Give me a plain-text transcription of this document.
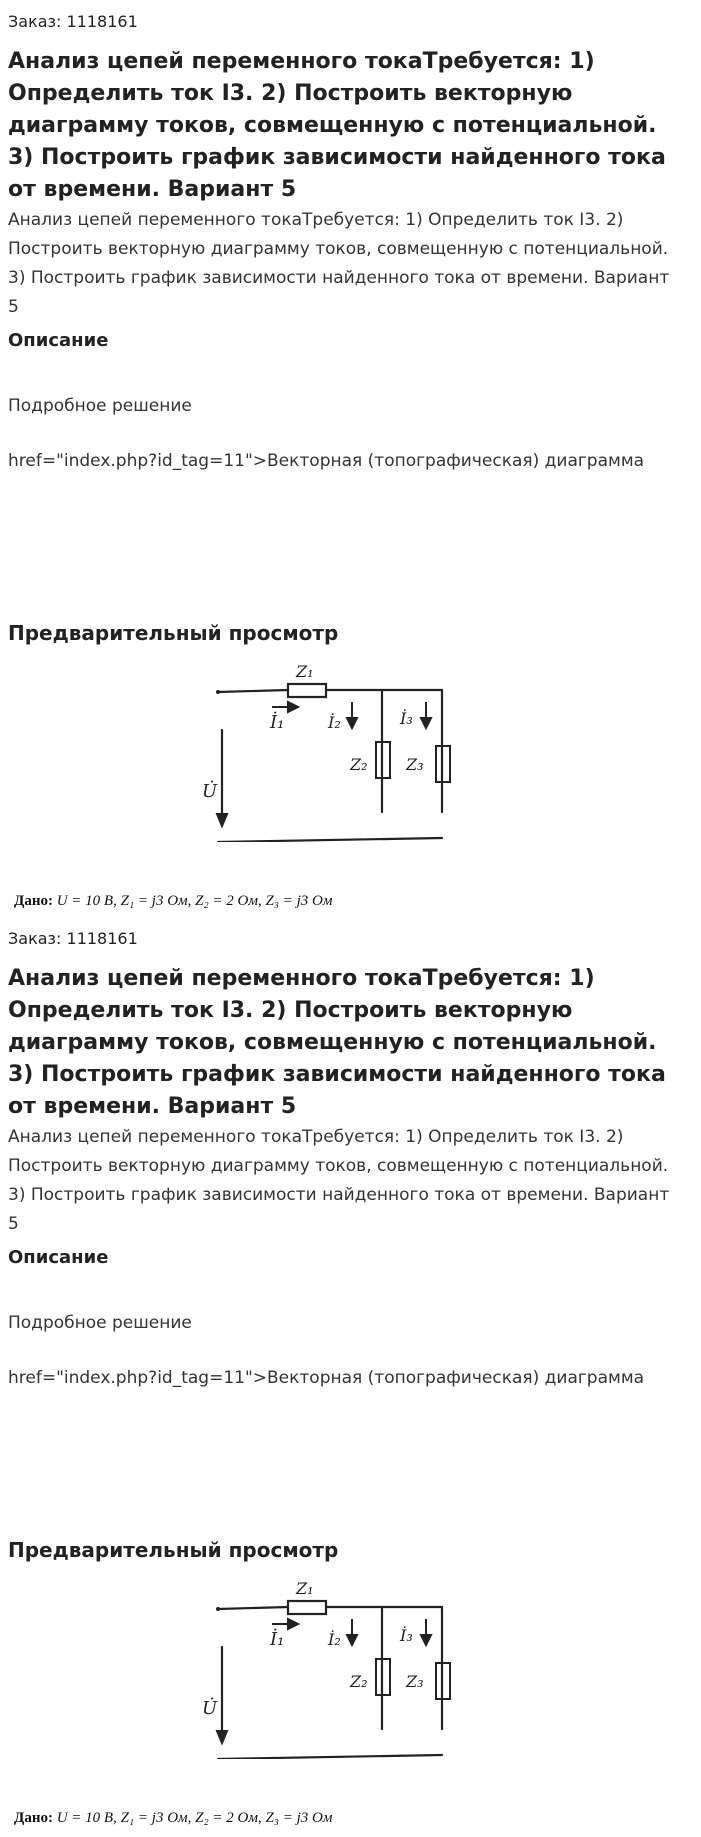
Заказ: 1118161
Анализ цепей переменного токаТребуется: 1) Определить ток I3. 2) Построить векторную диаграмму токов, совмещенную с потенциальной. 3) Построить график зависимости найденного тока от времени. Вариант 5
Анализ цепей переменного токаТребуется: 1) Определить ток I3. 2) Построить векторную диаграмму токов, совмещенную с потенциальной. 3) Построить график зависимости найденного тока от времени. Вариант 5
Описание
Подробное решение
href="index.php?id_tag=11">Векторная (топографическая) диаграмма
Предварительный просмотр
Z₁
Z₂ Z₃
İ₁	İ₂	İ₃
U̇
Дано: U = 10 B, Z₁ = j3 Ом, Z₂ = 2 Ом, Z₃ = j3 Ом
Заказ: 1118161
Анализ цепей переменного токаТребуется: 1) Определить ток I3. 2) Построить векторную диаграмму токов, совмещенную с потенциальной. 3) Построить график зависимости найденного тока от времени. Вариант 5
Анализ цепей переменного токаТребуется: 1) Определить ток I3. 2) Построить векторную диаграмму токов, совмещенную с потенциальной. 3) Построить график зависимости найденного тока от времени. Вариант 5
Описание
Подробное решение
href="index.php?id_tag=11">Векторная (топографическая) диаграмма
Предварительный просмотр
Z₁
Z₂ Z₃
İ₁	İ₂	İ₃
U̇
Дано: U = 10 B, Z₁ = j3 Ом, Z₂ = 2 Ом, Z₃ = j3 Ом
